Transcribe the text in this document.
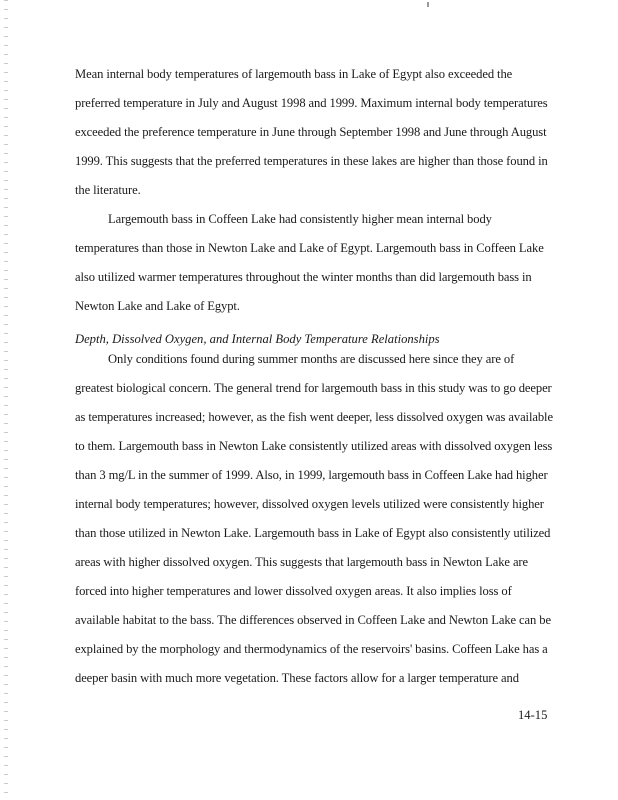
Mean internal body temperatures of largemouth bass in Lake of Egypt also exceeded the
preferred temperature in July and August 1998 and 1999. Maximum internal body temperatures
exceeded the preference temperature in June through September 1998 and June through August
1999. This suggests that the preferred temperatures in these lakes are higher than those found in
the literature.
Largemouth bass in Coffeen Lake had consistently higher mean internal body
temperatures than those in Newton Lake and Lake of Egypt. Largemouth bass in Coffeen Lake
also utilized warmer temperatures throughout the winter months than did largemouth bass in
Newton Lake and Lake of Egypt.
Depth, Dissolved Oxygen, and Internal Body Temperature Relationships
Only conditions found during summer months are discussed here since they are of
greatest biological concern. The general trend for largemouth bass in this study was to go deeper
as temperatures increased; however, as the fish went deeper, less dissolved oxygen was available
to them. Largemouth bass in Newton Lake consistently utilized areas with dissolved oxygen less
than 3 mg/L in the summer of 1999. Also, in 1999, largemouth bass in Coffeen Lake had higher
internal body temperatures; however, dissolved oxygen levels utilized were consistently higher
than those utilized in Newton Lake. Largemouth bass in Lake of Egypt also consistently utilized
areas with higher dissolved oxygen. This suggests that largemouth bass in Newton Lake are
forced into higher temperatures and lower dissolved oxygen areas. It also implies loss of
available habitat to the bass. The differences observed in Coffeen Lake and Newton Lake can be
explained by the morphology and thermodynamics of the reservoirs' basins. Coffeen Lake has a
deeper basin with much more vegetation. These factors allow for a larger temperature and
14-15
